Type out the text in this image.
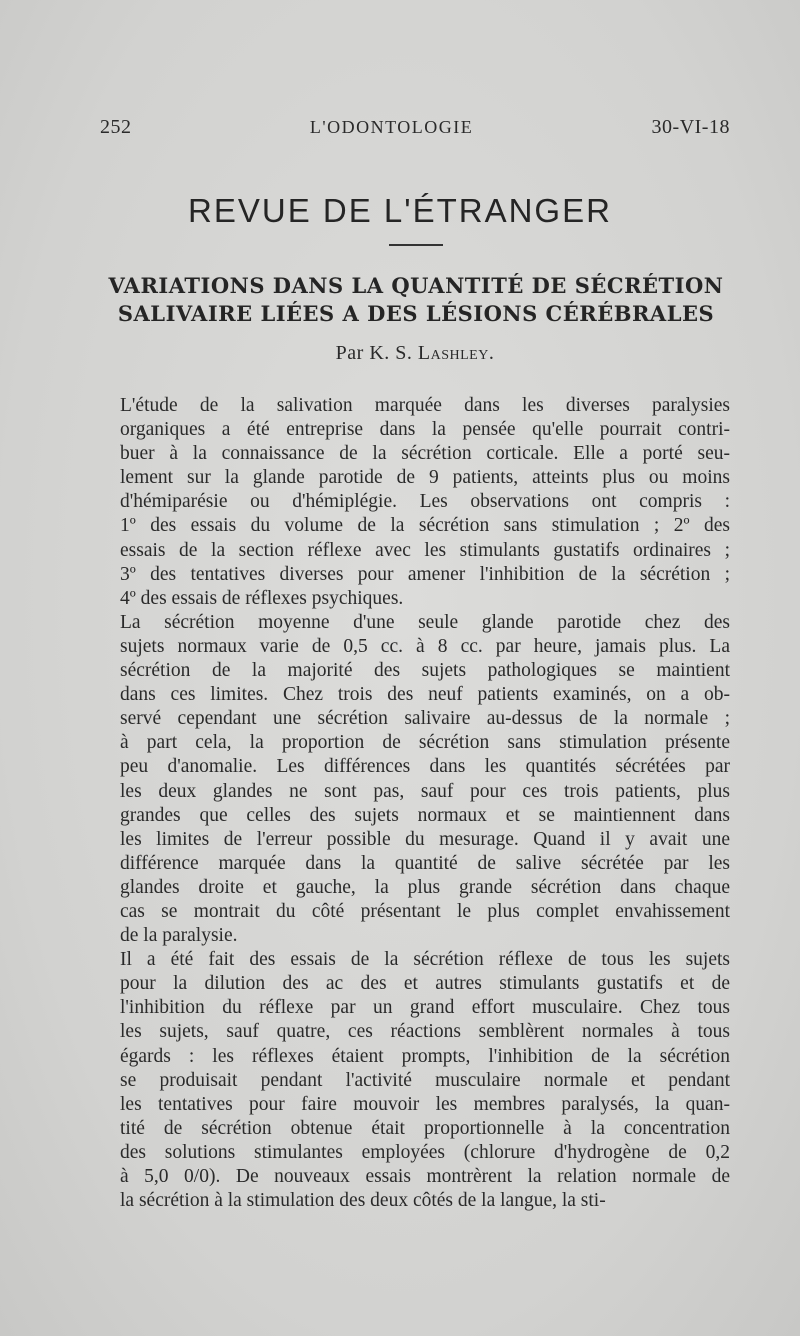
252	L'ODONTOLOGIE	30-VI-18
REVUE DE L'ÉTRANGER
VARIATIONS DANS LA QUANTITÉ DE SÉCRÉTION
SALIVAIRE LIÉES A DES LÉSIONS CÉRÉBRALES
Par K. S. Lashley.

L'étude de la salivation marquée dans les diverses paralysies
organiques a été entreprise dans la pensée qu'elle pourrait contri-
buer à la connaissance de la sécrétion corticale. Elle a porté seu-
lement sur la glande parotide de 9 patients, atteints plus ou moins
d'hémiparésie ou d'hémiplégie. Les observations ont compris :
1º des essais du volume de la sécrétion sans stimulation ; 2º des
essais de la section réflexe avec les stimulants gustatifs ordinaires ;
3º des tentatives diverses pour amener l'inhibition de la sécrétion ;
4º des essais de réflexes psychiques.

La sécrétion moyenne d'une seule glande parotide chez des
sujets normaux varie de 0,5 cc. à 8 cc. par heure, jamais plus. La
sécrétion de la majorité des sujets pathologiques se maintient
dans ces limites. Chez trois des neuf patients examinés, on a ob-
servé cependant une sécrétion salivaire au-dessus de la normale ;
à part cela, la proportion de sécrétion sans stimulation présente
peu d'anomalie. Les différences dans les quantités sécrétées par
les deux glandes ne sont pas, sauf pour ces trois patients, plus
grandes que celles des sujets normaux et se maintiennent dans
les limites de l'erreur possible du mesurage. Quand il y avait une
différence marquée dans la quantité de salive sécrétée par les
glandes droite et gauche, la plus grande sécrétion dans chaque
cas se montrait du côté présentant le plus complet envahissement
de la paralysie.

Il a été fait des essais de la sécrétion réflexe de tous les sujets
pour la dilution des ac des et autres stimulants gustatifs et de
l'inhibition du réflexe par un grand effort musculaire. Chez tous
les sujets, sauf quatre, ces réactions semblèrent normales à tous
égards : les réflexes étaient prompts, l'inhibition de la sécrétion
se produisait pendant l'activité musculaire normale et pendant
les tentatives pour faire mouvoir les membres paralysés, la quan-
tité de sécrétion obtenue était proportionnelle à la concentration
des solutions stimulantes employées (chlorure d'hydrogène de 0,2
à 5,0 0/0). De nouveaux essais montrèrent la relation normale de
la sécrétion à la stimulation des deux côtés de la langue, la sti-
